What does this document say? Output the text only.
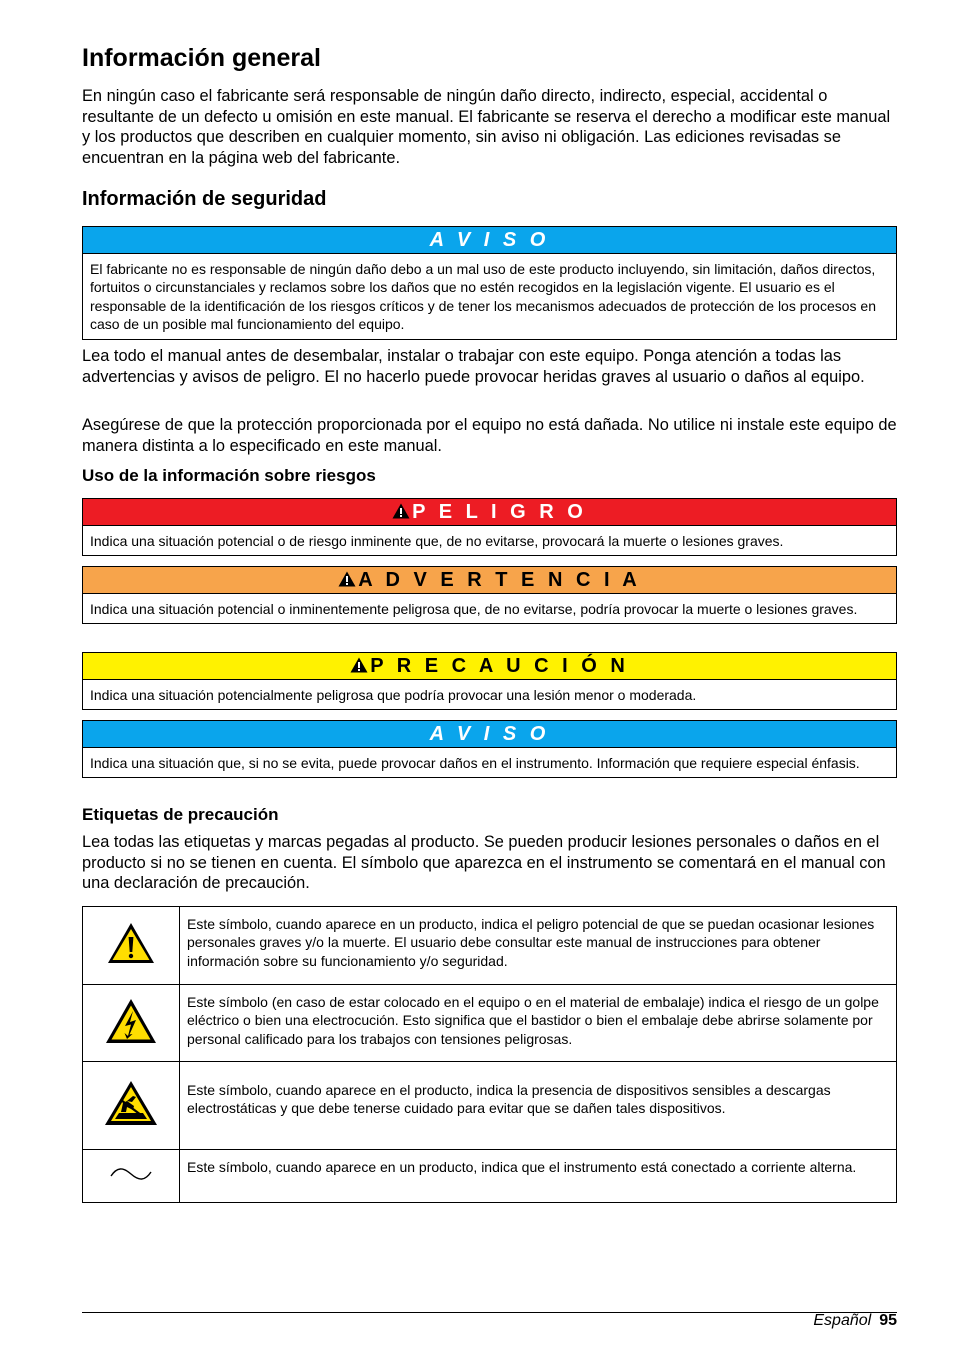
Información general

En ningún caso el fabricante será responsable de ningún daño directo, indirecto, especial, accidental o resultante de un defecto u omisión en este manual. El fabricante se reserva el derecho a modificar este manual y los productos que describen en cualquier momento, sin aviso ni obligación. Las ediciones revisadas se encuentran en la página web del fabricante.

Información de seguridad
A V I S O
El fabricante no es responsable de ningún daño debo a un mal uso de este producto incluyendo, sin limitación, daños directos, fortuitos o circunstanciales y reclamos sobre los daños que no estén recogidos en la legislación vigente. El usuario es el responsable de la identificación de los riesgos críticos y de tener los mecanismos adecuados de protección de los procesos en caso de un posible mal funcionamiento del equipo.

Lea todo el manual antes de desembalar, instalar o trabajar con este equipo. Ponga atención a todas las advertencias y avisos de peligro. El no hacerlo puede provocar heridas graves al usuario o daños al equipo.

Asegúrese de que la protección proporcionada por el equipo no está dañada. No utilice ni instale este equipo de manera distinta a lo especificado en este manual.

Uso de la información sobre riesgos
P E L I G R O
Indica una situación potencial o de riesgo inminente que, de no evitarse, provocará la muerte o lesiones graves.
A D V E R T E N C I A
Indica una situación potencial o inminentemente peligrosa que, de no evitarse, podría provocar la muerte o lesiones graves.
P R E C A U C I Ó N
Indica una situación potencialmente peligrosa que podría provocar una lesión menor o moderada.
A V I S O
Indica una situación que, si no se evita, puede provocar daños en el instrumento. Información que requiere especial énfasis.
Etiquetas de precaución

Lea todas las etiquetas y marcas pegadas al producto. Se pueden producir lesiones personales o daños en el producto si no se tienen en cuenta. El símbolo que aparezca en el instrumento se comentará en el manual con una declaración de precaución.

	Este símbolo, cuando aparece en un producto, indica el peligro potencial de que se puedan ocasionar lesiones personales graves y/o la muerte. El usuario debe consultar este manual de instrucciones para obtener información sobre su funcionamiento y/o seguridad.
	Este símbolo (en caso de estar colocado en el equipo o en el material de embalaje) indica el riesgo de un golpe eléctrico o bien una electrocución. Esto significa que el bastidor o bien el embalaje debe abrirse solamente por personal calificado para los trabajos con tensiones peligrosas.
	Este símbolo, cuando aparece en el producto, indica la presencia de dispositivos sensibles a descargas electrostáticas y que debe tenerse cuidado para evitar que se dañen tales dispositivos.
	Este símbolo, cuando aparece en un producto, indica que el instrumento está conectado a corriente alterna.
Español 95
